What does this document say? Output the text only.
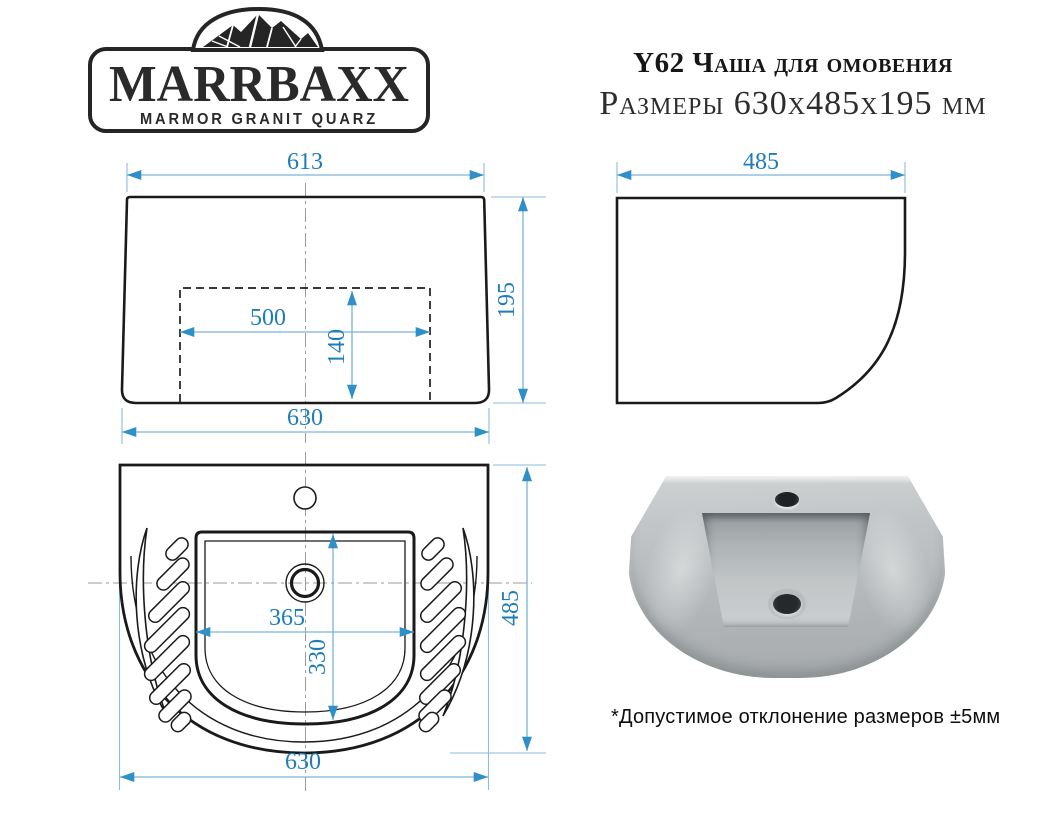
Y62 Чаша для омовения
Размеры 630х485х195 мм
MARRBAXX
MARMOR GRANIT QUARZ
613
195
500
140
630
485
365
330
485
630
*Допустимое отклонение размеров ±5мм
